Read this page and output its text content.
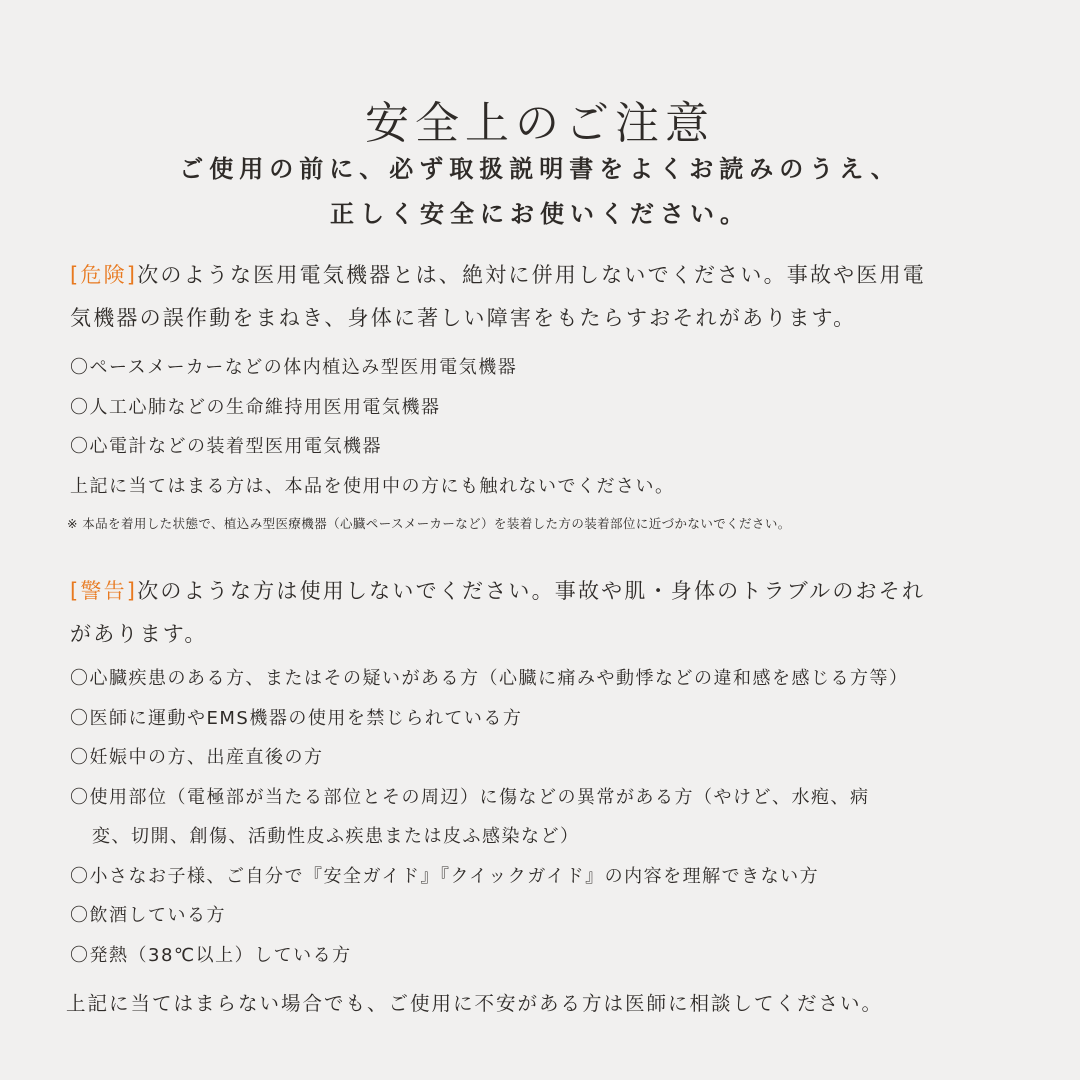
安全上のご注意
ご使用の前に、必ず取扱説明書をよくお読みのうえ、
正しく安全にお使いください。
[危険]次のような医用電気機器とは、絶対に併用しないでください。事故や医用電
気機器の誤作動をまねき、身体に著しい障害をもたらすおそれがあります。
〇ペースメーカーなどの体内植込み型医用電気機器
〇人工心肺などの生命維持用医用電気機器
〇心電計などの装着型医用電気機器
上記に当てはまる方は、本品を使用中の方にも触れないでください。
※ 本品を着用した状態で、植込み型医療機器（心臓ペースメーカーなど）を装着した方の装着部位に近づかないでください。
[警告]次のような方は使用しないでください。事故や肌・身体のトラブルのおそれ
があります。
〇心臓疾患のある方、またはその疑いがある方（心臓に痛みや動悸などの違和感を感じる方等）
〇医師に運動やEMS機器の使用を禁じられている方
〇妊娠中の方、出産直後の方
〇使用部位（電極部が当たる部位とその周辺）に傷などの異常がある方（やけど、水疱、病
変、切開、創傷、活動性皮ふ疾患または皮ふ感染など）
〇小さなお子様、ご自分で『安全ガイド』『クイックガイド』の内容を理解できない方
〇飲酒している方
〇発熱（38℃以上）している方
上記に当てはまらない場合でも、ご使用に不安がある方は医師に相談してください。
